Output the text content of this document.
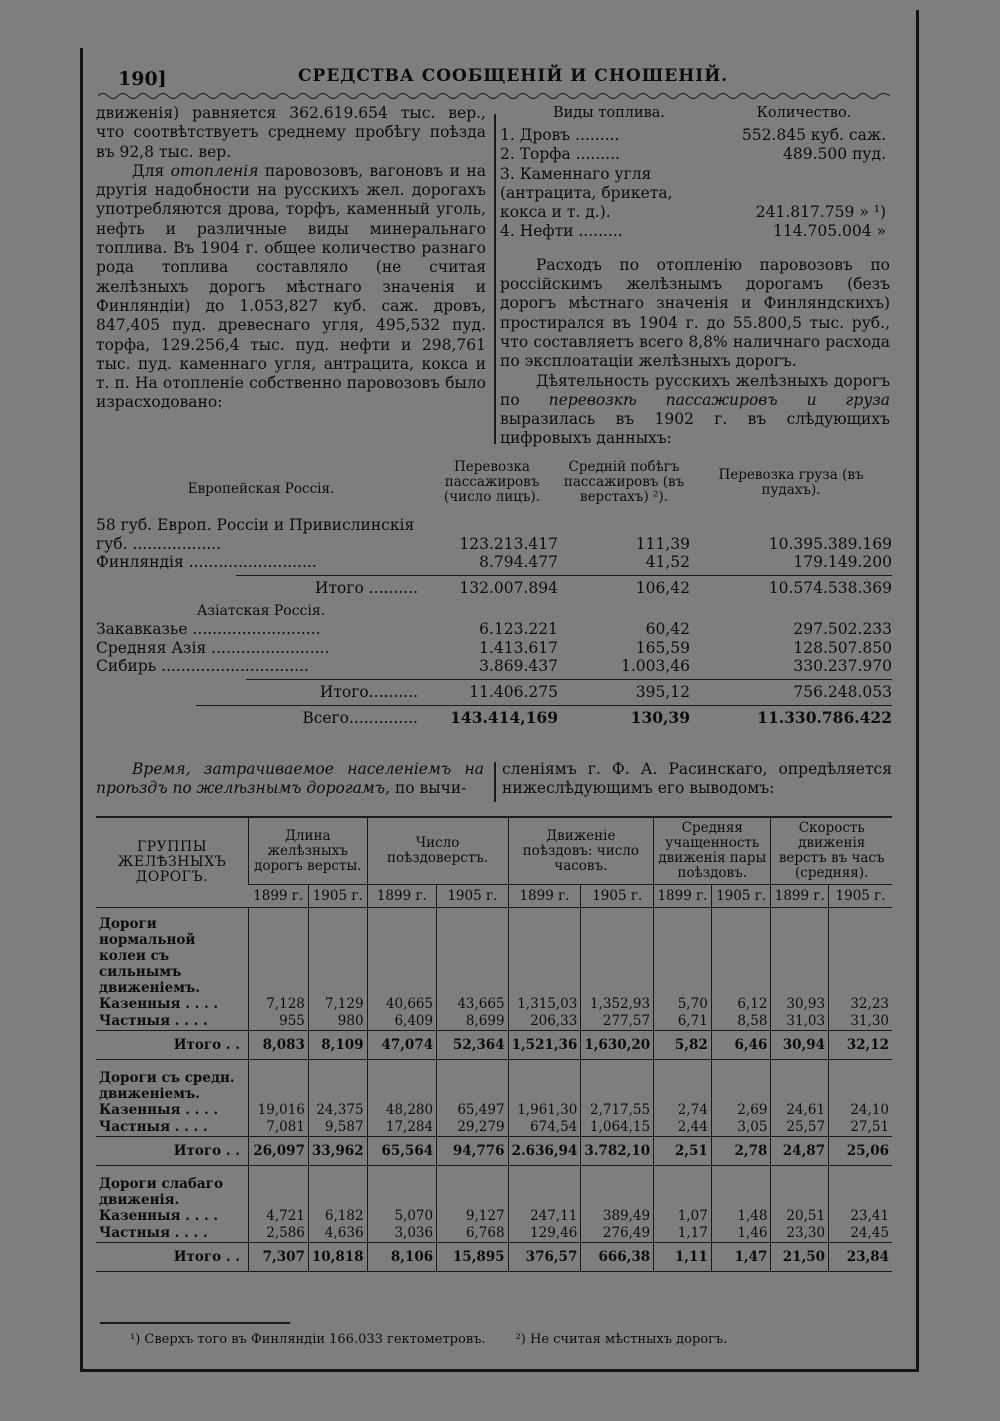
190]	СРЕДСТВА СООБЩЕНIЙ И СНОШЕНIЙ.

движенія) равняется 362.619.654 тыс. вер., что соотвѣтствуетъ среднему пробѣгу поѣзда въ 92,8 тыс. вер.

Для отопленія паровозовъ, вагоновъ и на другія надобности на русскихъ жел. дорогахъ употребляются дрова, торфъ, каменный уголь, нефть и различные виды минеральнаго топлива. Въ 1904 г. общее количество разнаго рода топлива составляло (не считая желѣзныхъ дорогъ мѣстнаго значенія и Финляндіи) до 1.053,827 куб. саж. дровъ, 847,405 пуд. древеснаго угля, 495,532 пуд. торфа, 129.256,4 тыс. пуд. нефти и 298,761 тыс. пуд. каменнаго угля, антрацита, кокса и т. п. На отопленіе собственно паровозовъ было израсходовано:

Виды топлива.	Количество.
1. Дровъ .........	552.845 куб. саж.
2. Торфа .........	489.500 пуд.
3. Каменнаго угля (антрацита, брикета, кокса и т. д.).	241.817.759 » ¹)
4. Нефти .........	114.705.004 »

Расходъ по отопленію паровозовъ по россійскимъ желѣзнымъ дорогамъ (безъ дорогъ мѣстнаго значенія и Финляндскихъ) простирался въ 1904 г. до 55.800,5 тыс. руб., что составляетъ всего 8,8% наличнаго расхода по эксплоатаціи желѣзныхъ дорогъ.

Дѣятельность русскихъ желѣзныхъ дорогъ по перевозкѣ пассажировъ и груза выразилась въ 1902 г. въ слѣдующихъ цифровыхъ данныхъ:

Европейская Россія.
Перевозка пассажировъ (число лицъ).
Средній побѣгъ пассажировъ (въ верстахъ) ²).
Перевозка груза (въ пудахъ).
58 губ. Европ. Россіи и Привислинскія губ. ..................	123.213.417	111,39	10.395.389.169
Финляндія ..........................	8.794.477	41,52	179.149.200
Итого ..........	132.007.894	106,42	10.574.538.369
Азіатская Россія.
Закавказье ..........................	6.123.221	60,42	297.502.233
Средняя Азія ........................	1.413.617	165,59	128.507.850
Сибирь ..............................	3.869.437	1.003,46	330.237.970
Итого..........	11.406.275	395,12	756.248.053
Всего..............	143.414,169	130,39	11.330.786.422

Время, затрачиваемое населеніемъ на проѣздъ по желѣзнымъ дорогамъ, по вычи-

сленіямъ г. Ф. А. Расинскаго, опредѣляется нижеслѣдующимъ его выводомъ:

ГРУППЫ ЖЕЛѢЗНЫХЪ ДОРОГЪ.	Длина желѣзныхъ дорогъ версты.		Число поѣздоверстъ.		Движеніе поѣздовъ: число часовъ.		Средняя учащенность движенія пары поѣздовъ.		Скорость движенія верстъ въ часъ (средняя).	
	1899 г.	1905 г.	1899 г.	1905 г.	1899 г.	1905 г.	1899 г.	1905 г.	1899 г.	1905 г.

Дороги нормальной колеи съ сильнымъ движеніемъ.										
Казенныя . . . .	7,128	7,129	40,665	43,665	1,315,03	1,352,93	5,70	6,12	30,93	32,23
Частныя . . . .	955	980	6,409	8,699	206,33	277,57	6,71	8,58	31,03	31,30
Итого . .	8,083	8,109	47,074	52,364	1,521,36	1,630,20	5,82	6,46	30,94	32,12
Дороги съ средн. движеніемъ.										
Казенныя . . . .	19,016	24,375	48,280	65,497	1,961,30	2,717,55	2,74	2,69	24,61	24,10
Частныя . . . .	7,081	9,587	17,284	29,279	674,54	1,064,15	2,44	3,05	25,57	27,51
Итого . .	26,097	33,962	65,564	94,776	2.636,94	3.782,10	2,51	2,78	24,87	25,06
Дороги слабаго движенія.										
Казенныя . . . .	4,721	6,182	5,070	9,127	247,11	389,49	1,07	1,48	20,51	23,41
Частныя . . . .	2,586	4,636	3,036	6,768	129,46	276,49	1,17	1,46	23,30	24,45
Итого . .	7,307	10,818	8,106	15,895	376,57	666,38	1,11	1,47	21,50	23,84
¹) Сверхъ того въ Финляндіи 166.033 гектометровъ. ²) Не считая мѣстныхъ дорогъ.
